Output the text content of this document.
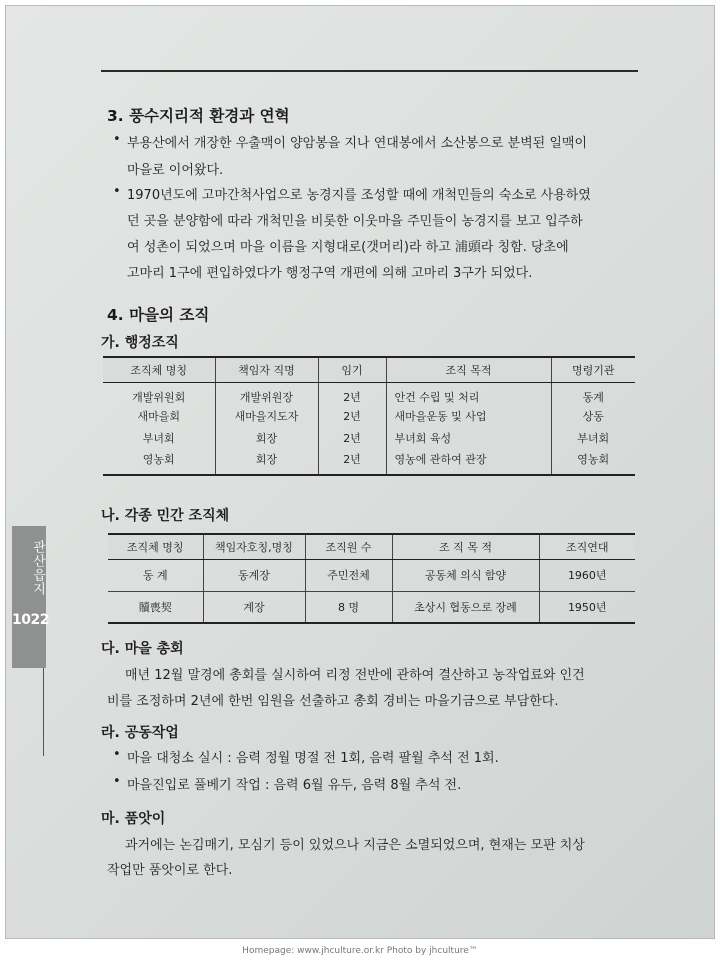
관산읍지
1022
3. 풍수지리적 환경과 연혁
• 부용산에서 개장한 우출맥이 양암봉을 지나 연대봉에서 소산봉으로 분벽된 일맥이
마을로 이어왔다.
• 1970년도에 고마간척사업으로 농경지를 조성할 때에 개척민들의 숙소로 사용하였
던 곳을 분양함에 따라 개척민을 비롯한 이웃마을 주민들이 농경지를 보고 입주하
여 성촌이 되었으며 마을 이름을 지형대로(갯머리)라 하고 浦頭라 칭함. 당초에
고마리 1구에 편입하였다가 행정구역 개편에 의해 고마리 3구가 되었다.
4. 마을의 조직
가. 행정조직
조직체 명칭	책임자 직명	임기	조직 목적	명령기관
개발위원회	개발위원장	2년	안건 수립 및 처리	동계
새마을회	새마을지도자	2년	새마을운동 및 사업	상동
부녀회	회장	2년	부녀회 육성	부녀회
영농회	회장	2년	영농에 관하여 관장	영농회
나. 각종 민간 조직체
조직체 명칭	책임자호칭,명칭	조직원 수	조 직 목 적	조직연대
동 계	동계장	주민전체	공동체 의식 함양	1960년
贖喪契	계장	8 명	초상시 협동으로 장례	1950년
다. 마을 총회
매년 12월 말경에 총회를 실시하여 리정 전반에 관하여 결산하고 농작업료와 인건
비를 조정하며 2년에 한번 임원을 선출하고 총회 경비는 마을기금으로 부담한다.
라. 공동작업
• 마을 대청소 실시 : 음력 정월 명절 전 1회, 음력 팔월 추석 전 1회.
• 마을진입로 풀베기 작업 : 음력 6월 유두, 음력 8월 추석 전.
마. 품앗이
과거에는 논김매기, 모심기 등이 있었으나 지금은 소멸되었으며, 현재는 모판 치상
작업만 품앗이로 한다.
Homepage: www.jhculture.or.kr Photo by jhculture™
